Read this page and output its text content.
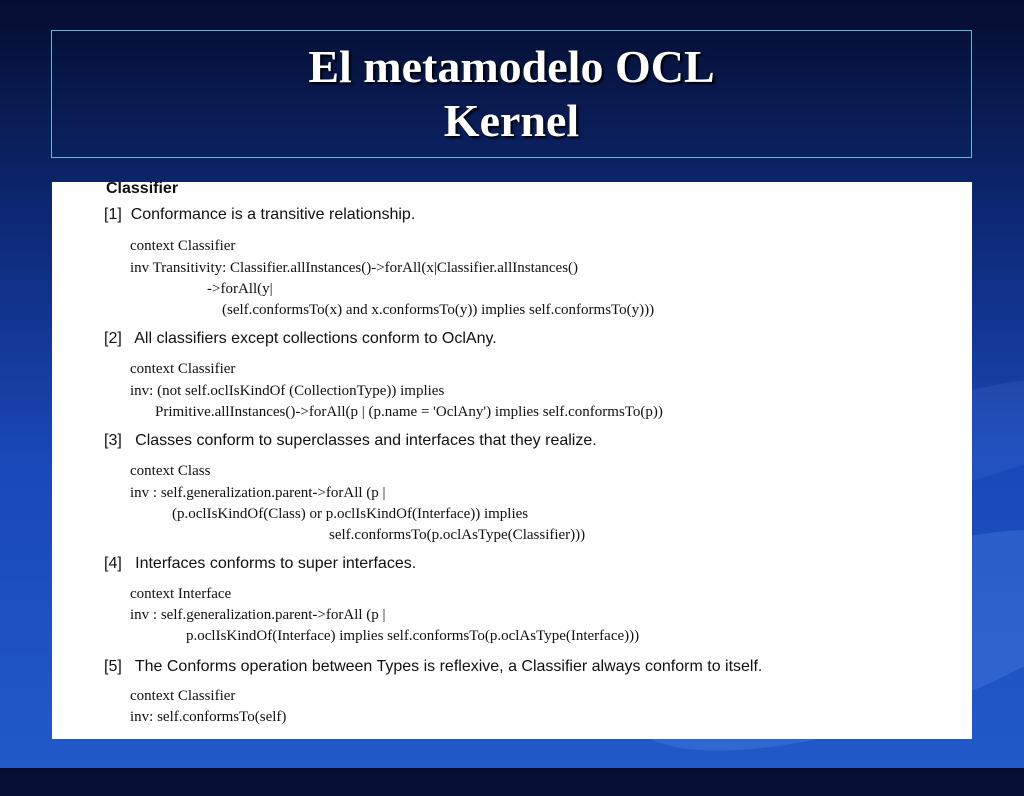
El metamodelo OCL
Kernel
Classifier
[1] Conformance is a transitive relationship.
context Classifier
inv Transitivity: Classifier.allInstances()->forAll(x|Classifier.allInstances()
->forAll(y|
(self.conformsTo(x) and x.conformsTo(y)) implies self.conformsTo(y)))
[2] All classifiers except collections conform to OclAny.
context Classifier
inv: (not self.oclIsKindOf (CollectionType)) implies
Primitive.allInstances()->forAll(p | (p.name = 'OclAny') implies self.conformsTo(p))
[3] Classes conform to superclasses and interfaces that they realize.
context Class
inv : self.generalization.parent->forAll (p |
(p.oclIsKindOf(Class) or p.oclIsKindOf(Interface)) implies
self.conformsTo(p.oclAsType(Classifier)))
[4] Interfaces conforms to super interfaces.
context Interface
inv : self.generalization.parent->forAll (p |
p.oclIsKindOf(Interface) implies self.conformsTo(p.oclAsType(Interface)))
[5] The Conforms operation between Types is reflexive, a Classifier always conform to itself.
context Classifier
inv: self.conformsTo(self)
